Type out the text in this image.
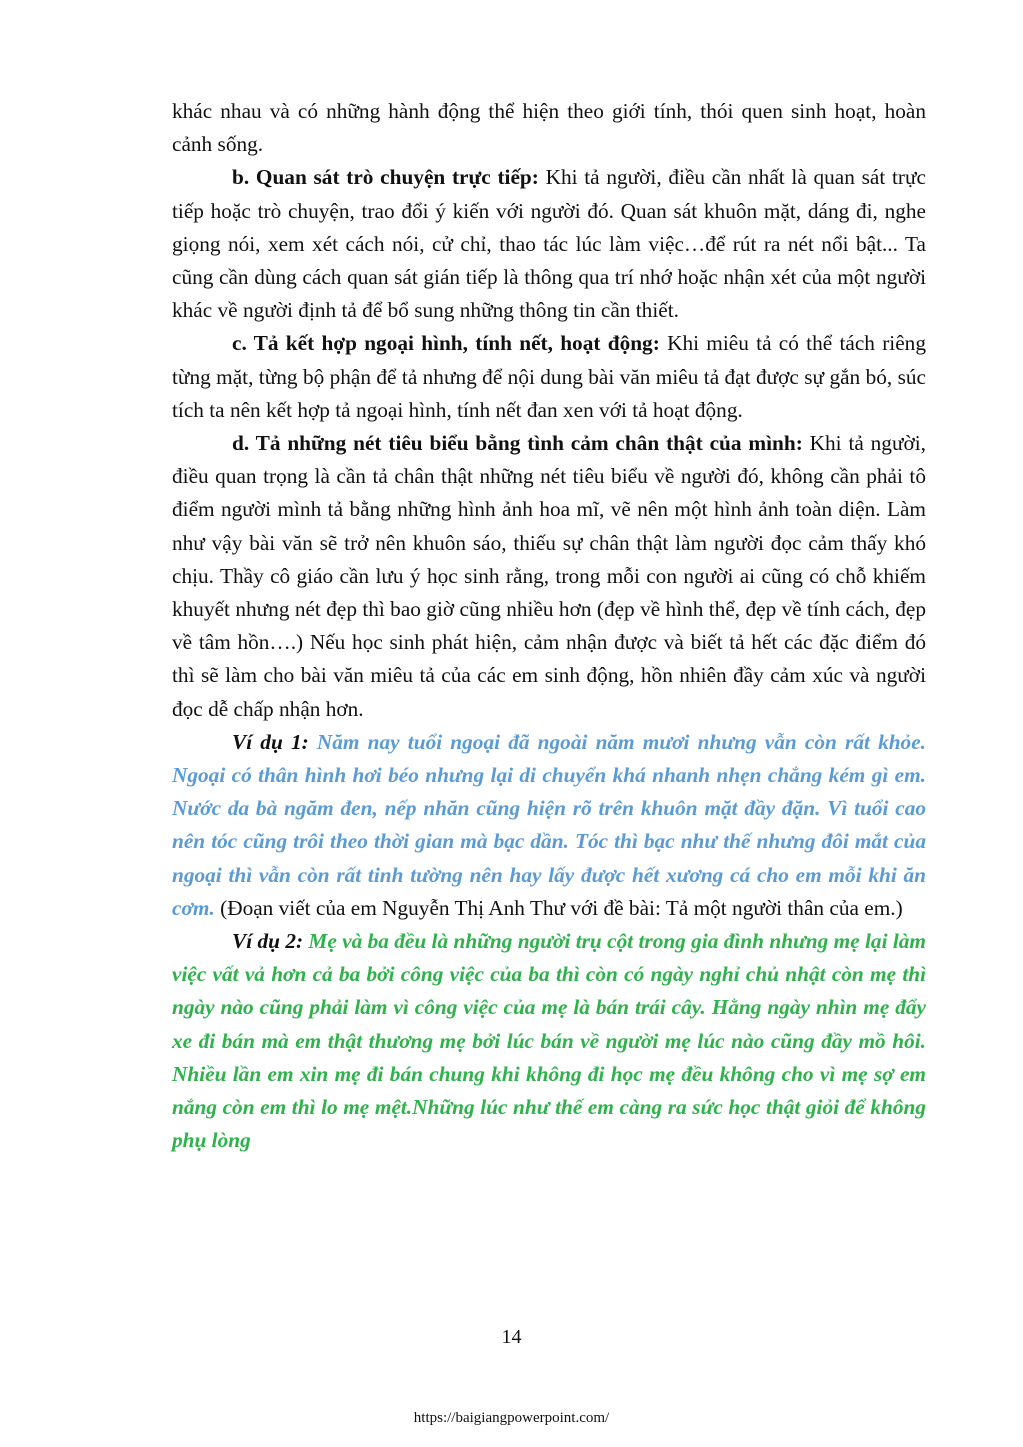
khác nhau và có những hành động thể hiện theo giới tính, thói quen sinh hoạt, hoàn cảnh sống.

b. Quan sát trò chuyện trực tiếp: Khi tả người, điều cần nhất là quan sát trực tiếp hoặc trò chuyện, trao đổi ý kiến với người đó. Quan sát khuôn mặt, dáng đi, nghe giọng nói, xem xét cách nói, cử chỉ, thao tác lúc làm việc…để rút ra nét nổi bật... Ta cũng cần dùng cách quan sát gián tiếp là thông qua trí nhớ hoặc nhận xét của một người khác về người định tả để bổ sung những thông tin cần thiết.

c. Tả kết hợp ngoại hình, tính nết, hoạt động: Khi miêu tả có thể tách riêng từng mặt, từng bộ phận để tả nhưng để nội dung bài văn miêu tả đạt được sự gắn bó, súc tích ta nên kết hợp tả ngoại hình, tính nết đan xen với tả hoạt động.

d. Tả những nét tiêu biểu bằng tình cảm chân thật của mình: Khi tả người, điều quan trọng là cần tả chân thật những nét tiêu biểu về người đó, không cần phải tô điểm người mình tả bằng những hình ảnh hoa mĩ, vẽ nên một hình ảnh toàn diện. Làm như vậy bài văn sẽ trở nên khuôn sáo, thiếu sự chân thật làm người đọc cảm thấy khó chịu. Thầy cô giáo cần lưu ý học sinh rằng, trong mỗi con người ai cũng có chỗ khiếm khuyết nhưng nét đẹp thì bao giờ cũng nhiều hơn (đẹp về hình thể, đẹp về tính cách, đẹp về tâm hồn….) Nếu học sinh phát hiện, cảm nhận được và biết tả hết các đặc điểm đó thì sẽ làm cho bài văn miêu tả của các em sinh động, hồn nhiên đầy cảm xúc và người đọc dễ chấp nhận hơn.

Ví dụ 1: Năm nay tuổi ngoại đã ngoài năm mươi nhưng vẫn còn rất khỏe. Ngoại có thân hình hơi béo nhưng lại di chuyển khá nhanh nhẹn chẳng kém gì em. Nước da bà ngăm đen, nếp nhăn cũng hiện rõ trên khuôn mặt đầy đặn. Vì tuổi cao nên tóc cũng trôi theo thời gian mà bạc dần. Tóc thì bạc như thế nhưng đôi mắt của ngoại thì vẫn còn rất tinh tường nên hay lấy được hết xương cá cho em mỗi khi ăn cơm. (Đoạn viết của em Nguyễn Thị Anh Thư với đề bài: Tả một người thân của em.)

Ví dụ 2: Mẹ và ba đều là những người trụ cột trong gia đình nhưng mẹ lại làm việc vất vả hơn cả ba bởi công việc của ba thì còn có ngày nghỉ chủ nhật còn mẹ thì ngày nào cũng phải làm vì công việc của mẹ là bán trái cây. Hằng ngày nhìn mẹ đẩy xe đi bán mà em thật thương mẹ bởi lúc bán về người mẹ lúc nào cũng đầy mồ hôi. Nhiều lần em xin mẹ đi bán chung khi không đi học mẹ đều không cho vì mẹ sợ em nắng còn em thì lo mẹ mệt.Những lúc như thế em càng ra sức học thật giỏi để không phụ lòng

14

https://baigiangpowerpoint.com/
